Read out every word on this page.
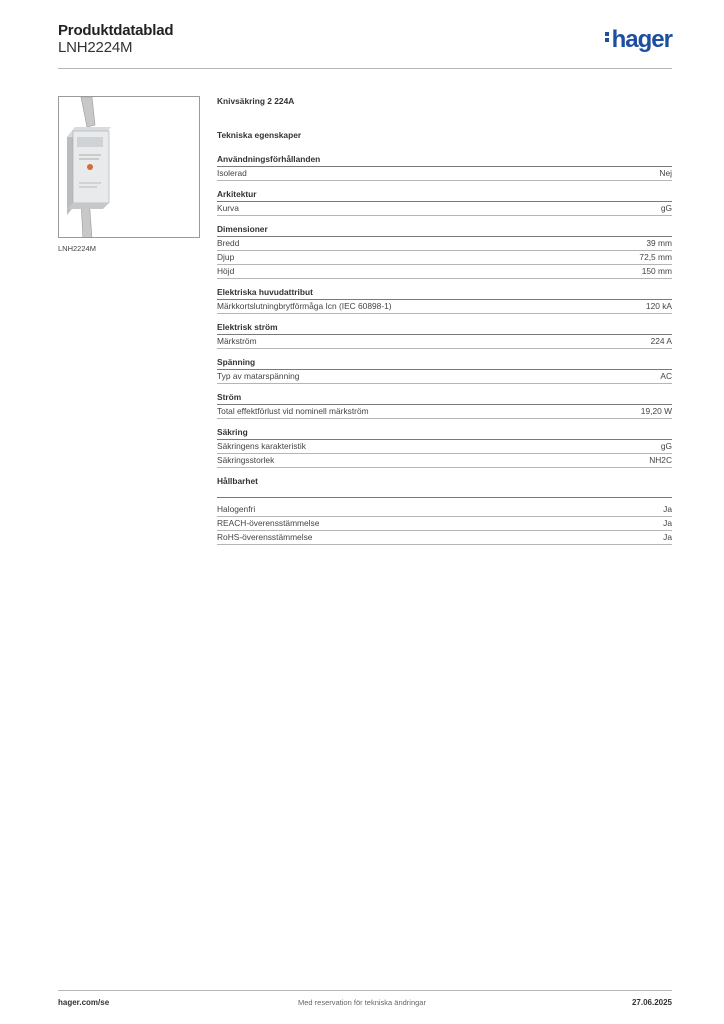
Produktdatablad
LNH2224M	hager
LNH2224M
Knivsäkring 2 224A
Tekniska egenskaper
Användningsförhållanden
Isolerad	Nej
Arkitektur
Kurva	gG
Dimensioner
Bredd	39 mm
Djup	72,5 mm
Höjd	150 mm
Elektriska huvudattribut
Märkkortslutningbrytförmåga Icn (IEC 60898-1)	120 kA
Elektrisk ström
Märkström	224 A
Spänning
Typ av matarspänning	AC
Ström
Total effektförlust vid nominell märkström	19,20 W
Säkring
Säkringens karakteristik	gG
Säkringsstorlek	NH2C
Hållbarhet
Halogenfri	Ja
REACH-överensstämmelse	Ja
RoHS-överensstämmelse	Ja
hager.com/se	Med reservation för tekniska ändringar	27.06.2025
